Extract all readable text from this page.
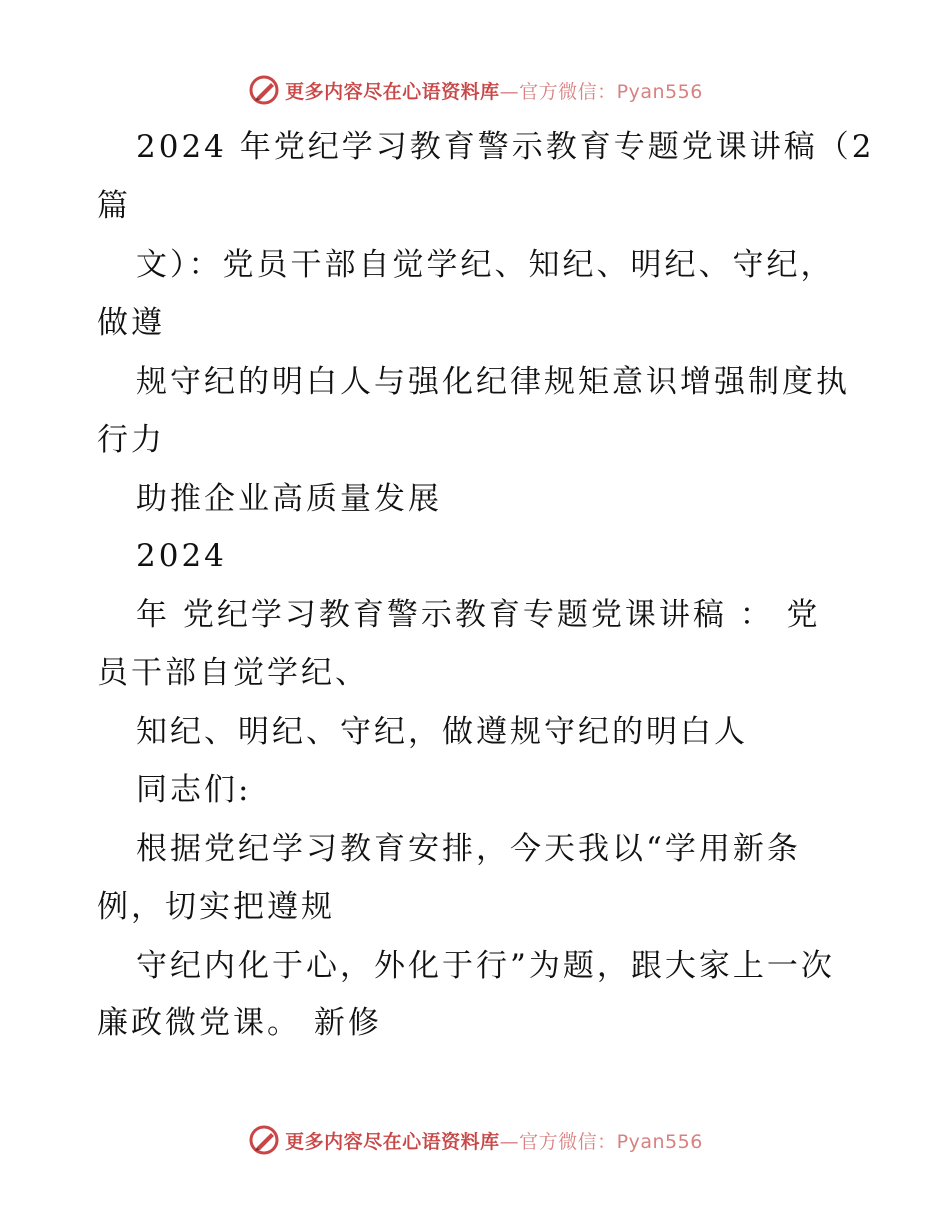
更多内容尽在心语资料库—官方微信：Pyan556
2024 年党纪学习教育警示教育专题党课讲稿（2
篇
文）：党员干部自觉学纪、知纪、明纪、守纪，
做遵
规守纪的明白人与强化纪律规矩意识增强制度执
行力
助推企业高质量发展
2024
年 党纪学习教育警示教育专题党课讲稿 ： 党
员干部自觉学纪、
知纪、明纪、守纪，做遵规守纪的明白人
同志们:
根据党纪学习教育安排，今天我以“学用新条
例，切实把遵规
守纪内化于心，外化于行”为题，跟大家上一次
廉政微党课。 新修
更多内容尽在心语资料库—官方微信：Pyan556
